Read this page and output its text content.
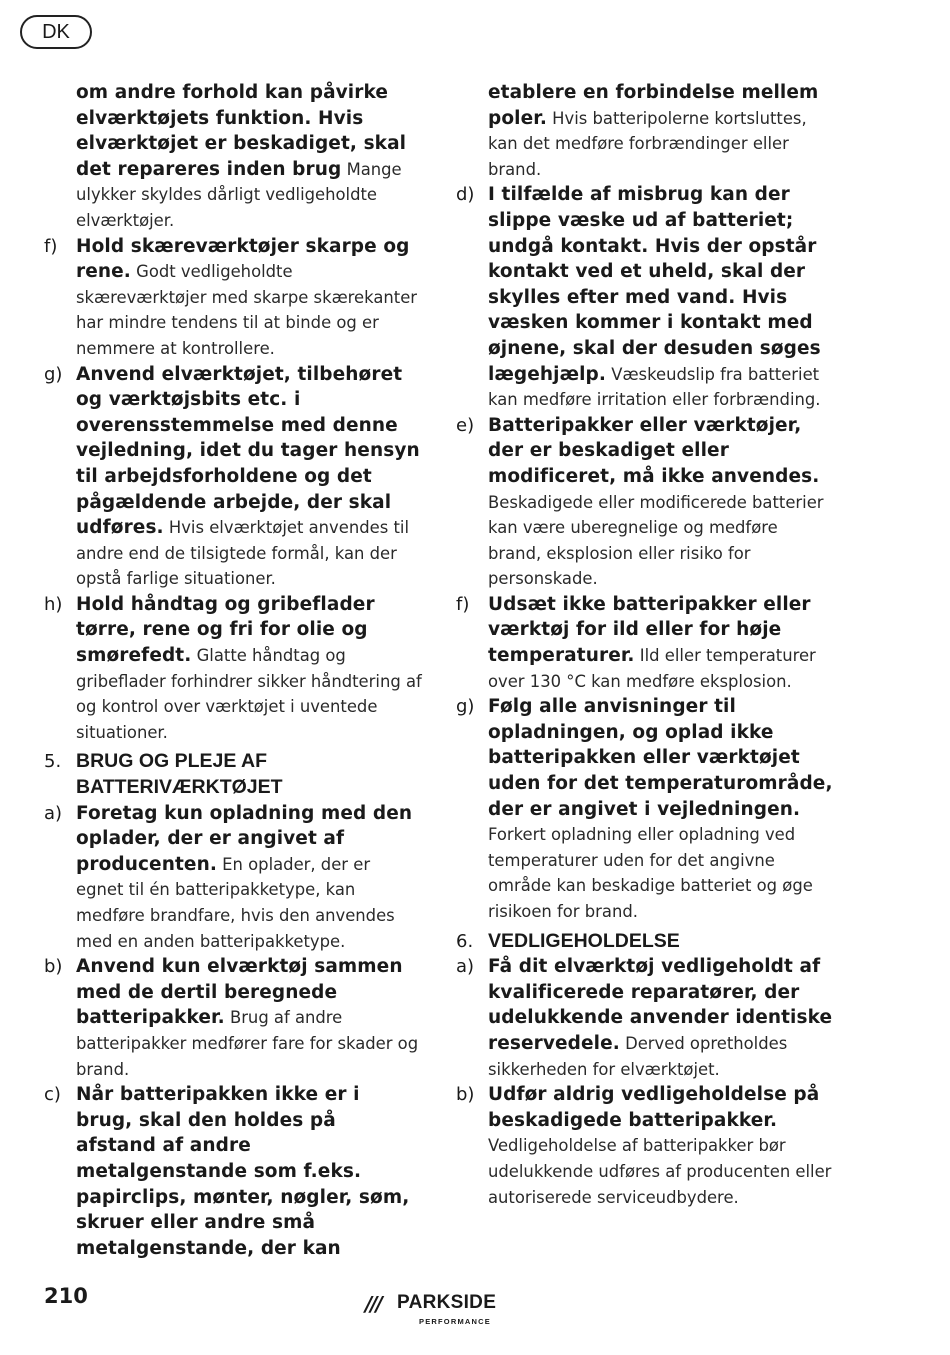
DK
om andre forhold kan påvirke elværktøjets funktion. Hvis elværktøjet er beskadiget, skal det repareres inden brug Mange ulykker skyldes dårligt vedligeholdte elværktøjer.
f)	Hold skæreværktøjer skarpe og rene. Godt vedligeholdte skæreværktøjer med skarpe skærekanter har mindre tendens til at binde og er nemmere at kontrollere.
g) Anvend elværktøjet, tilbehøret og værktøjsbits etc. i overensstemmelse med denne vejledning, idet du tager hensyn til arbejdsforholdene og det pågældende arbejde, der skal udføres. Hvis elværktøjet anvendes til andre end de tilsigtede formål, kan der opstå farlige situationer.
h) Hold håndtag og gribeflader tørre, rene og fri for olie og smørefedt. Glatte håndtag og gribeflader forhindrer sikker håndtering af og kontrol over værktøjet i uventede situationer.
5. BRUG OG PLEJE AF BATTERIVÆRKTØJET
a) Foretag kun opladning med den oplader, der er angivet af producenten. En oplader, der er egnet til én batteripakketype, kan medføre brandfare, hvis den anvendes med en anden batteripakketype.
b) Anvend kun elværktøj sammen med de dertil beregnede batteripakker. Brug af andre batteripakker medfører fare for skader og brand.
c) Når batteripakken ikke er i brug, skal den holdes på afstand af andre metalgenstande som f.eks. papirclips, mønter, nøgler, søm, skruer eller andre små metalgenstande, der kan
etablere en forbindelse mellem poler. Hvis batteripolerne kortsluttes, kan det medføre forbrændinger eller brand.
d) I tilfælde af misbrug kan der slippe væske ud af batteriet; undgå kontakt. Hvis der opstår kontakt ved et uheld, skal der skylles efter med vand. Hvis væsken kommer i kontakt med øjnene, skal der desuden søges lægehjælp. Væskeudslip fra batteriet kan medføre irritation eller forbrænding.
e) Batteripakker eller værktøjer, der er beskadiget eller modificeret, må ikke anvendes. Beskadigede eller modificerede batterier kan være uberegnelige og medføre brand, eksplosion eller risiko for personskade.
f)	Udsæt ikke batteripakker eller værktøj for ild eller for høje temperaturer. Ild eller temperaturer over 130 °C kan medføre eksplosion.
g) Følg alle anvisninger til opladningen, og oplad ikke batteripakken eller værktøjet uden for det temperaturområde, der er angivet i vejledningen. Forkert opladning eller opladning ved temperaturer uden for det angivne område kan beskadige batteriet og øge risikoen for brand.
6. VEDLIGEHOLDELSE
a) Få dit elværktøj vedligeholdt af kvalificerede reparatører, der udelukkende anvender identiske reservedele. Derved opretholdes sikkerheden for elværktøjet.
b) Udfør aldrig vedligeholdelse på beskadigede batteripakker. Vedligeholdelse af batteripakker bør udelukkende udføres af producenten eller autoriserede serviceudbydere.
210	/// PARKSIDE
PERFORMANCE
